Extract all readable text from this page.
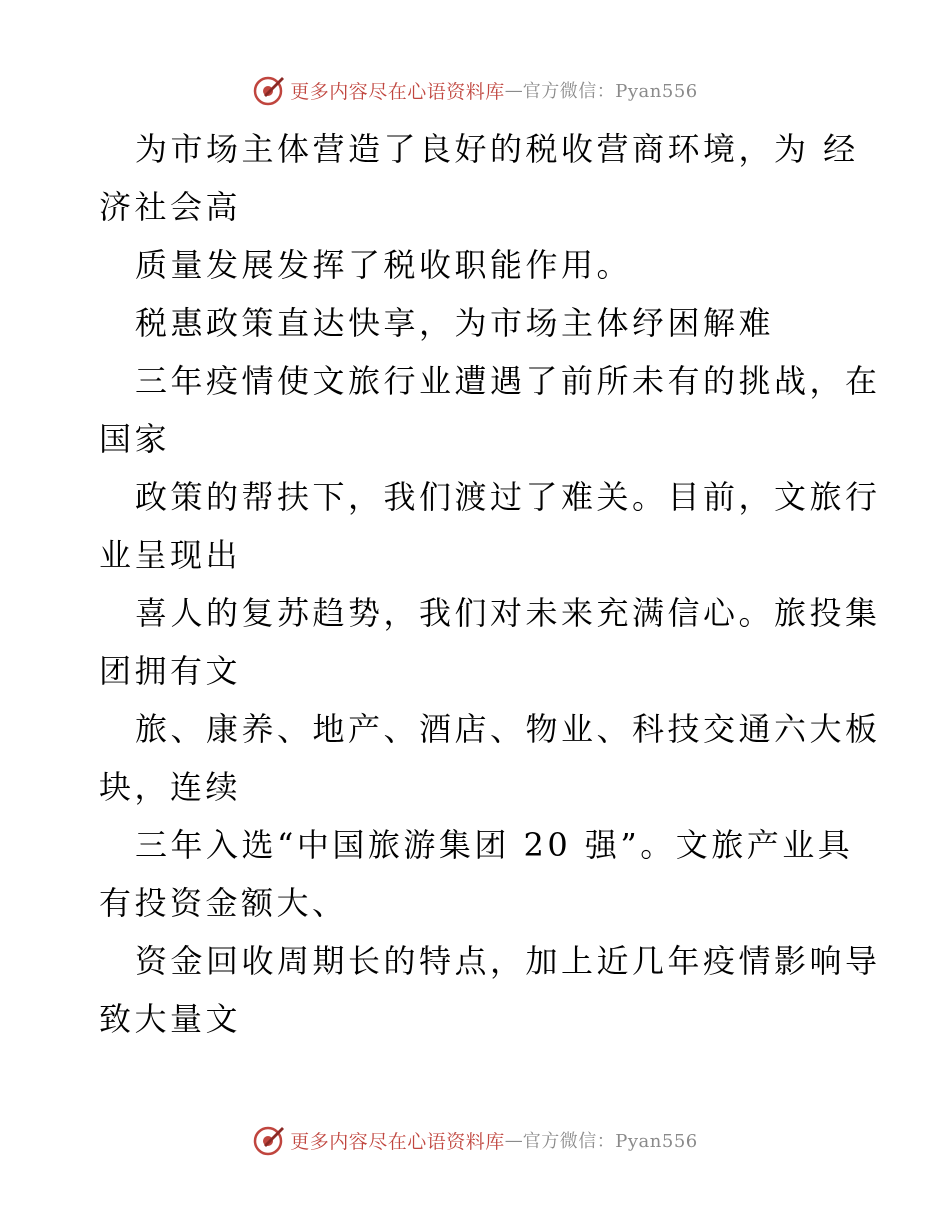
更多内容尽在心语资料库 — 官方微信：Pyan556
为市场主体营造了良好的税收营商环境，为 经
济社会高
质量发展发挥了税收职能作用。
税惠政策直达快享，为市场主体纾困解难
三年疫情使文旅行业遭遇了前所未有的挑战，在
国家
政策的帮扶下，我们渡过了难关。目前，文旅行
业呈现出
喜人的复苏趋势，我们对未来充满信心。旅投集
团拥有文
旅、康养、地产、酒店、物业、科技交通六大板
块，连续
三年入选“中国旅游集团 20 强”。文旅产业具
有投资金额大、
资金回收周期长的特点，加上近几年疫情影响导
致大量文
更多内容尽在心语资料库 — 官方微信：Pyan556
